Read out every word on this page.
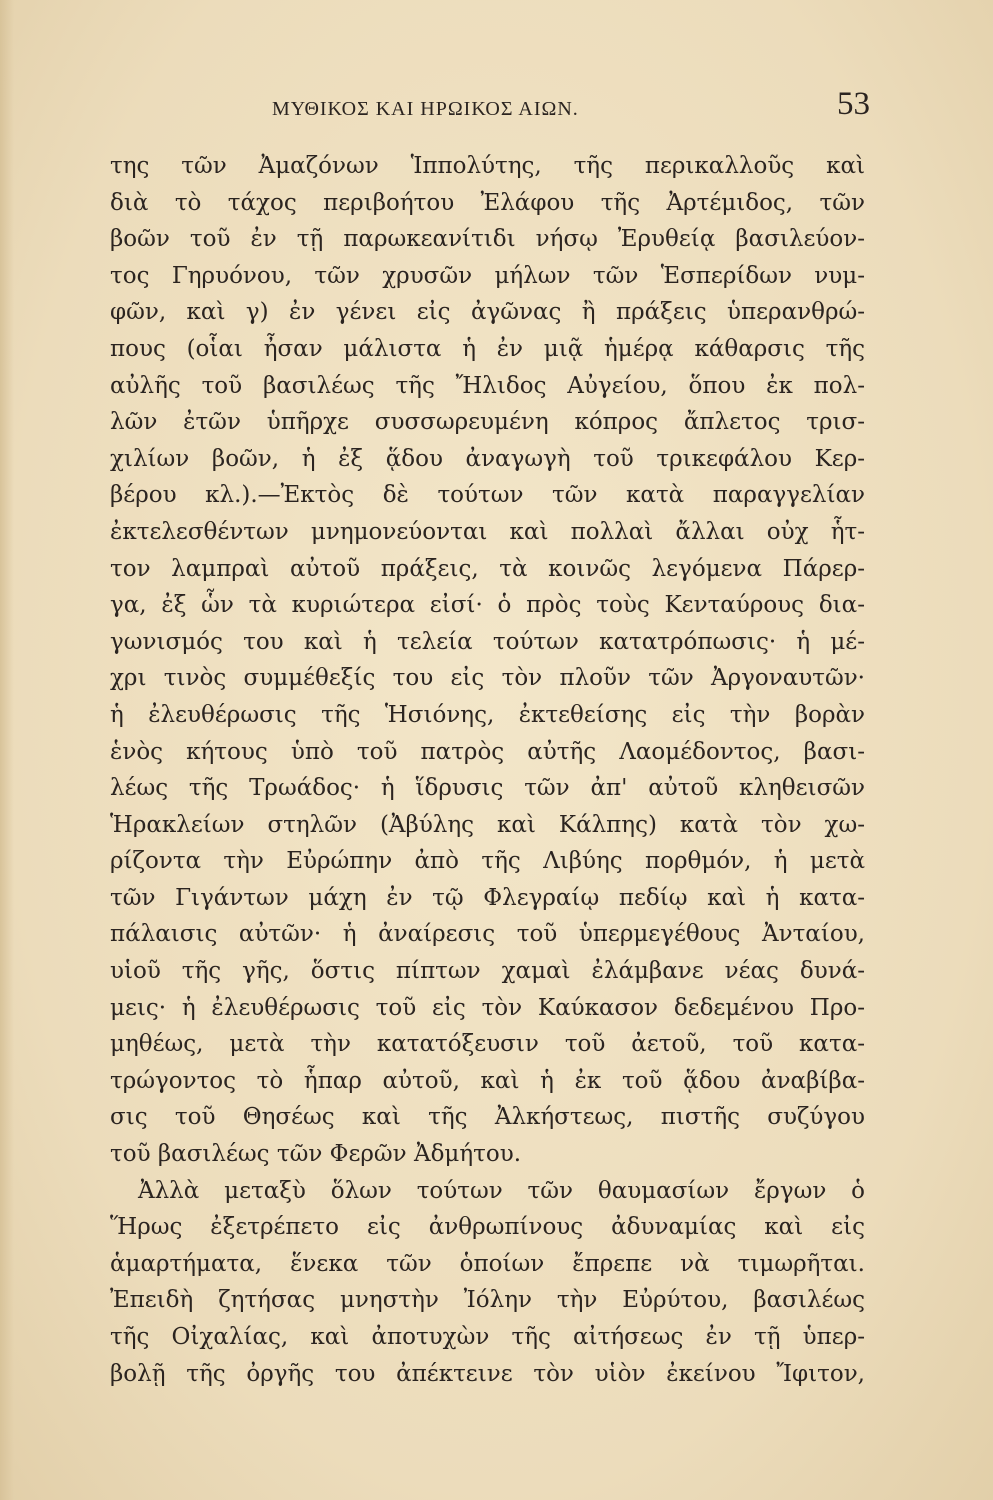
ΜΥΘΙΚΟΣ ΚΑΙ ΗΡΩΙΚΟΣ ΑΙΩΝ.	53
της τῶν Ἀμαζόνων Ἱππολύτης, τῆς περικαλλοῦς καὶ
διὰ τὸ τάχος περιβοήτου Ἐλάφου τῆς Ἀρτέμιδος, τῶν
βοῶν τοῦ ἐν τῇ παρωκεανίτιδι νήσῳ Ἐρυθείᾳ βασιλεύον-
τος Γηρυόνου, τῶν χρυσῶν μήλων τῶν Ἑσπερίδων νυμ-
φῶν, καὶ γ) ἐν γένει εἰς ἀγῶνας ἢ πράξεις ὑπερανθρώ-
πους (οἷαι ἦσαν μάλιστα ἡ ἐν μιᾷ ἡμέρᾳ κάθαρσις τῆς
αὐλῆς τοῦ βασιλέως τῆς Ἤλιδος Αὐγείου, ὅπου ἐκ πολ-
λῶν ἐτῶν ὑπῆρχε συσσωρευμένη κόπρος ἄπλετος τρισ-
χιλίων βοῶν, ἡ ἐξ ᾅδου ἀναγωγὴ τοῦ τρικεφάλου Κερ-
βέρου κλ.).—Ἐκτὸς δὲ τούτων τῶν κατὰ παραγγελίαν
ἐκτελεσθέντων μνημονεύονται καὶ πολλαὶ ἄλλαι οὐχ ἧτ-
τον λαμπραὶ αὐτοῦ πράξεις, τὰ κοινῶς λεγόμενα Πάρερ-
γα, ἐξ ὧν τὰ κυριώτερα εἰσί· ὁ πρὸς τοὺς Κενταύρους δια-
γωνισμός του καὶ ἡ τελεία τούτων κατατρόπωσις· ἡ μέ-
χρι τινὸς συμμέθεξίς του εἰς τὸν πλοῦν τῶν Ἀργοναυτῶν·
ἡ ἐλευθέρωσις τῆς Ἡσιόνης, ἐκτεθείσης εἰς τὴν βορὰν
ἑνὸς κήτους ὑπὸ τοῦ πατρὸς αὐτῆς Λαομέδοντος, βασι-
λέως τῆς Τρωάδος· ἡ ἵδρυσις τῶν ἀπ' αὐτοῦ κληθεισῶν
Ἡρακλείων στηλῶν (Ἀβύλης καὶ Κάλπης) κατὰ τὸν χω-
ρίζοντα τὴν Εὐρώπην ἀπὸ τῆς Λιβύης πορθμόν, ἡ μετὰ
τῶν Γιγάντων μάχη ἐν τῷ Φλεγραίῳ πεδίῳ καὶ ἡ κατα-
πάλαισις αὐτῶν· ἡ ἀναίρεσις τοῦ ὑπερμεγέθους Ἀνταίου,
υἱοῦ τῆς γῆς, ὅστις πίπτων χαμαὶ ἐλάμβανε νέας δυνά-
μεις· ἡ ἐλευθέρωσις τοῦ εἰς τὸν Καύκασον δεδεμένου Προ-
μηθέως, μετὰ τὴν κατατόξευσιν τοῦ ἀετοῦ, τοῦ κατα-
τρώγοντος τὸ ἧπαρ αὐτοῦ, καὶ ἡ ἐκ τοῦ ᾅδου ἀναβίβα-
σις τοῦ Θησέως καὶ τῆς Ἀλκήστεως, πιστῆς συζύγου
τοῦ βασιλέως τῶν Φερῶν Ἀδμήτου.
Ἀλλὰ μεταξὺ ὅλων τούτων τῶν θαυμασίων ἔργων ὁ
Ἥρως ἐξετρέπετο εἰς ἀνθρωπίνους ἀδυναμίας καὶ εἰς
ἁμαρτήματα, ἕνεκα τῶν ὁποίων ἔπρεπε νὰ τιμωρῆται.
Ἐπειδὴ ζητήσας μνηστὴν Ἰόλην τὴν Εὐρύτου, βασιλέως
τῆς Οἰχαλίας, καὶ ἀποτυχὼν τῆς αἰτήσεως ἐν τῇ ὑπερ-
βολῇ τῆς ὀργῆς του ἀπέκτεινε τὸν υἱὸν ἐκείνου Ἴφιτον,
